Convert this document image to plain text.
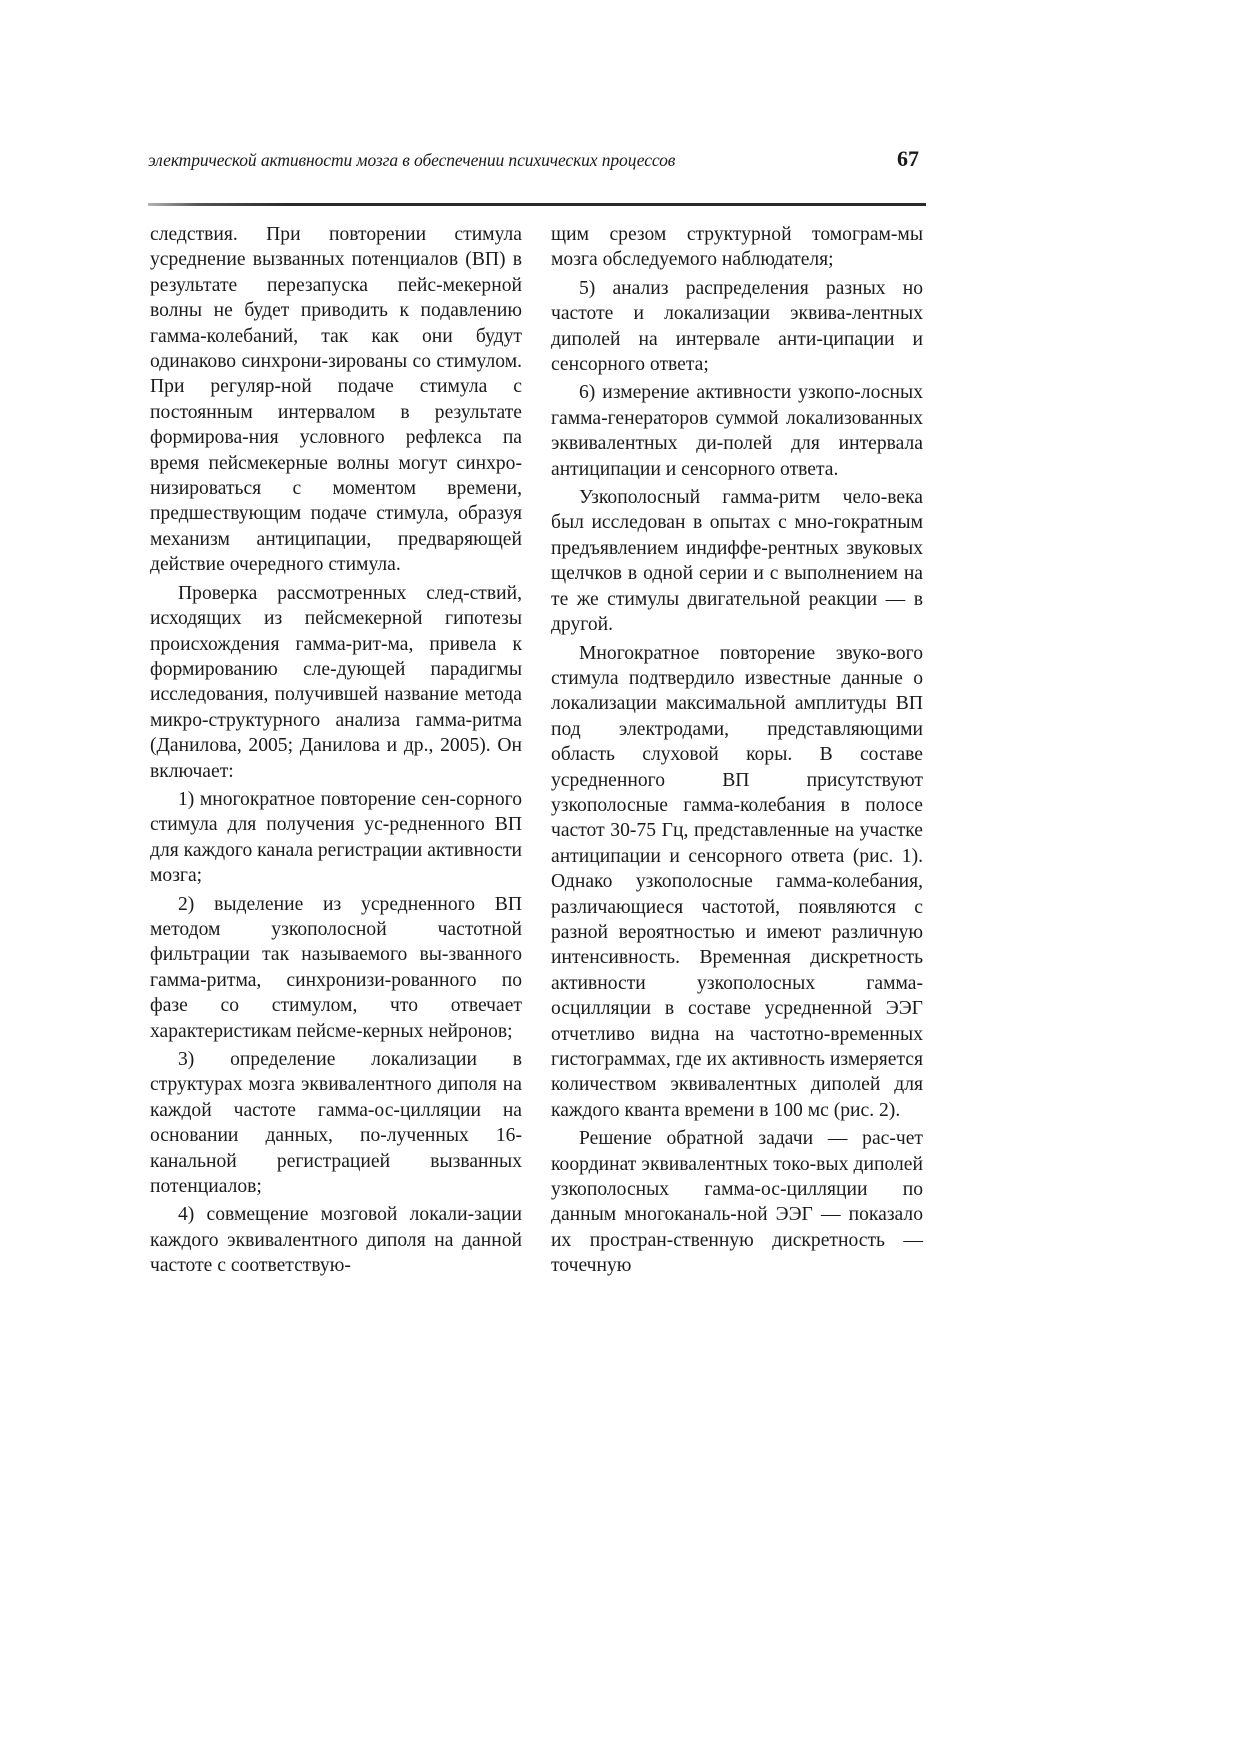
электрической активности мозга в обеспечении психических процессов	67

следствия. При повторении стимула усреднение вызванных потенциалов (ВП) в результате перезапуска пейс-мекерной волны не будет приводить к подавлению гамма-колебаний, так как они будут одинаково синхрони-зированы со стимулом. При регуляр-ной подаче стимула с постоянным интервалом в результате формирова-ния условного рефлекса па время пейсмекерные волны могут синхро-низироваться с моментом времени, предшествующим подаче стимула, образуя механизм антиципации, предваряющей действие очередного стимула.

Проверка рассмотренных след-ствий, исходящих из пейсмекерной гипотезы происхождения гамма-рит-ма, привела к формированию сле-дующей парадигмы исследования, получившей название метода микро-структурного анализа гамма-ритма (Данилова, 2005; Данилова и др., 2005). Он включает:

1) многократное повторение сен-сорного стимула для получения ус-редненного ВП для каждого канала регистрации активности мозга;

2) выделение из усредненного ВП методом узкополосной частотной фильтрации так называемого вы-званного гамма-ритма, синхронизи-рованного по фазе со стимулом, что отвечает характеристикам пейсме-керных нейронов;

3) определение локализации в структурах мозга эквивалентного диполя на каждой частоте гамма-ос-цилляции на основании данных, по-лученных 16-канальной регистрацией вызванных потенциалов;

4) совмещение мозговой локали-зации каждого эквивалентного диполя на данной частоте с соответствую-

щим срезом структурной томограм-мы мозга обследуемого наблюдателя;

5) анализ распределения разных но частоте и локализации эквива-лентных диполей на интервале анти-ципации и сенсорного ответа;

6) измерение активности узкопо-лосных гамма-генераторов суммой локализованных эквивалентных ди-полей для интервала антиципации и сенсорного ответа.

Узкополосный гамма-ритм чело-века был исследован в опытах с мно-гократным предъявлением индиффе-рентных звуковых щелчков в одной серии и с выполнением на те же стимулы двигательной реакции — в другой.

Многократное повторение звуко-вого стимула подтвердило известные данные о локализации максимальной амплитуды ВП под электродами, представляющими область слуховой коры. В составе усредненного ВП присутствуют узкополосные гамма-колебания в полосе частот 30-75 Гц, представленные на участке антиципации и сенсорного ответа (рис. 1). Однако узкополосные гамма-колебания, различающиеся частотой, появляются с разной вероятностью и имеют различную интенсивность. Временная дискретность активности узкополосных гамма-осцилляции в составе усредненной ЭЭГ отчетливо видна на частотно-временных гистограммах, где их активность измеряется количеством эквивалентных диполей для каждого кванта времени в 100 мс (рис. 2).

Решение обратной задачи — рас-чет координат эквивалентных токо-вых диполей узкополосных гамма-ос-цилляции по данным многоканаль-ной ЭЭГ — показало их простран-ственную дискретность — точечную
